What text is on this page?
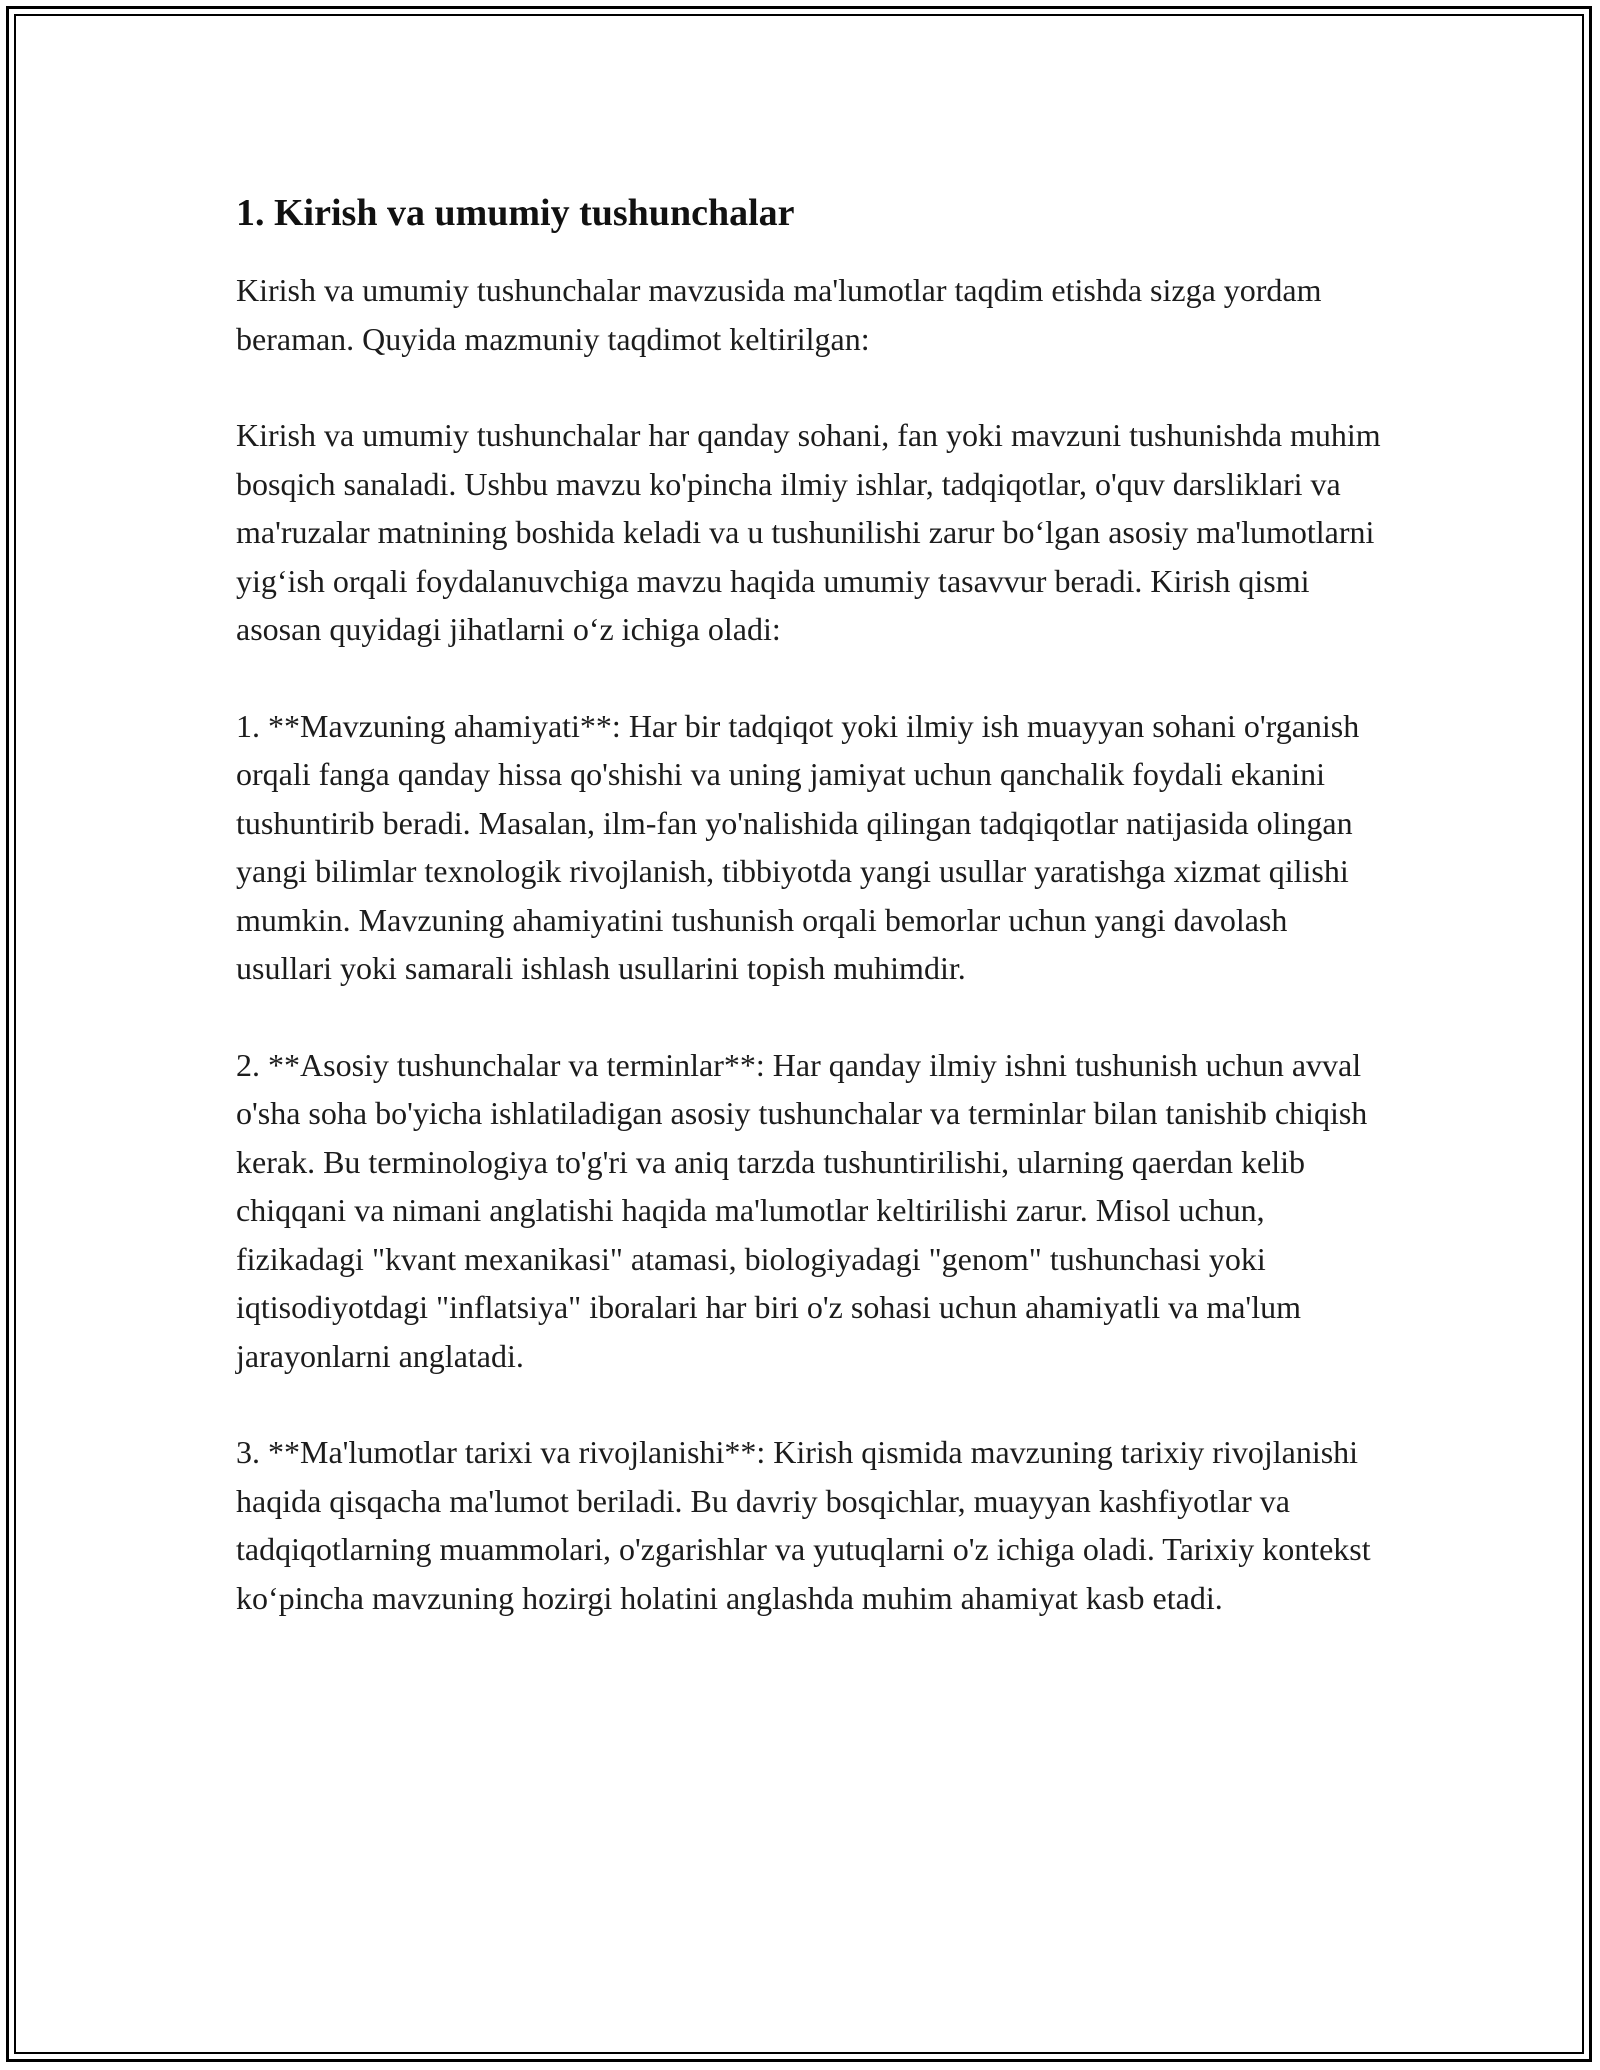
1. Kirish va umumiy tushunchalar

Kirish va umumiy tushunchalar mavzusida ma'lumotlar taqdim etishda sizga yordam beraman. Quyida mazmuniy taqdimot keltirilgan:

Kirish va umumiy tushunchalar har qanday sohani, fan yoki mavzuni tushunishda muhim bosqich sanaladi. Ushbu mavzu ko'pincha ilmiy ishlar, tadqiqotlar, o'quv darsliklari va ma'ruzalar matnining boshida keladi va u tushunilishi zarur bo‘lgan asosiy ma'lumotlarni yig‘ish orqali foydalanuvchiga mavzu haqida umumiy tasavvur beradi. Kirish qismi asosan quyidagi jihatlarni o‘z ichiga oladi:

1. **Mavzuning ahamiyati**: Har bir tadqiqot yoki ilmiy ish muayyan sohani o'rganish orqali fanga qanday hissa qo'shishi va uning jamiyat uchun qanchalik foydali ekanini tushuntirib beradi. Masalan, ilm-fan yo'nalishida qilingan tadqiqotlar natijasida olingan yangi bilimlar texnologik rivojlanish, tibbiyotda yangi usullar yaratishga xizmat qilishi mumkin. Mavzuning ahamiyatini tushunish orqali bemorlar uchun yangi davolash usullari yoki samarali ishlash usullarini topish muhimdir.

2. **Asosiy tushunchalar va terminlar**: Har qanday ilmiy ishni tushunish uchun avval o'sha soha bo'yicha ishlatiladigan asosiy tushunchalar va terminlar bilan tanishib chiqish kerak. Bu terminologiya to'g'ri va aniq tarzda tushuntirilishi, ularning qaerdan kelib chiqqani va nimani anglatishi haqida ma'lumotlar keltirilishi zarur. Misol uchun, fizikadagi "kvant mexanikasi" atamasi, biologiyadagi "genom" tushunchasi yoki iqtisodiyotdagi "inflatsiya" iboralari har biri o'z sohasi uchun ahamiyatli va ma'lum jarayonlarni anglatadi.

3. **Ma'lumotlar tarixi va rivojlanishi**: Kirish qismida mavzuning tarixiy rivojlanishi haqida qisqacha ma'lumot beriladi. Bu davriy bosqichlar, muayyan kashfiyotlar va tadqiqotlarning muammolari, o'zgarishlar va yutuqlarni o'z ichiga oladi. Tarixiy kontekst ko‘pincha mavzuning hozirgi holatini anglashda muhim ahamiyat kasb etadi.
